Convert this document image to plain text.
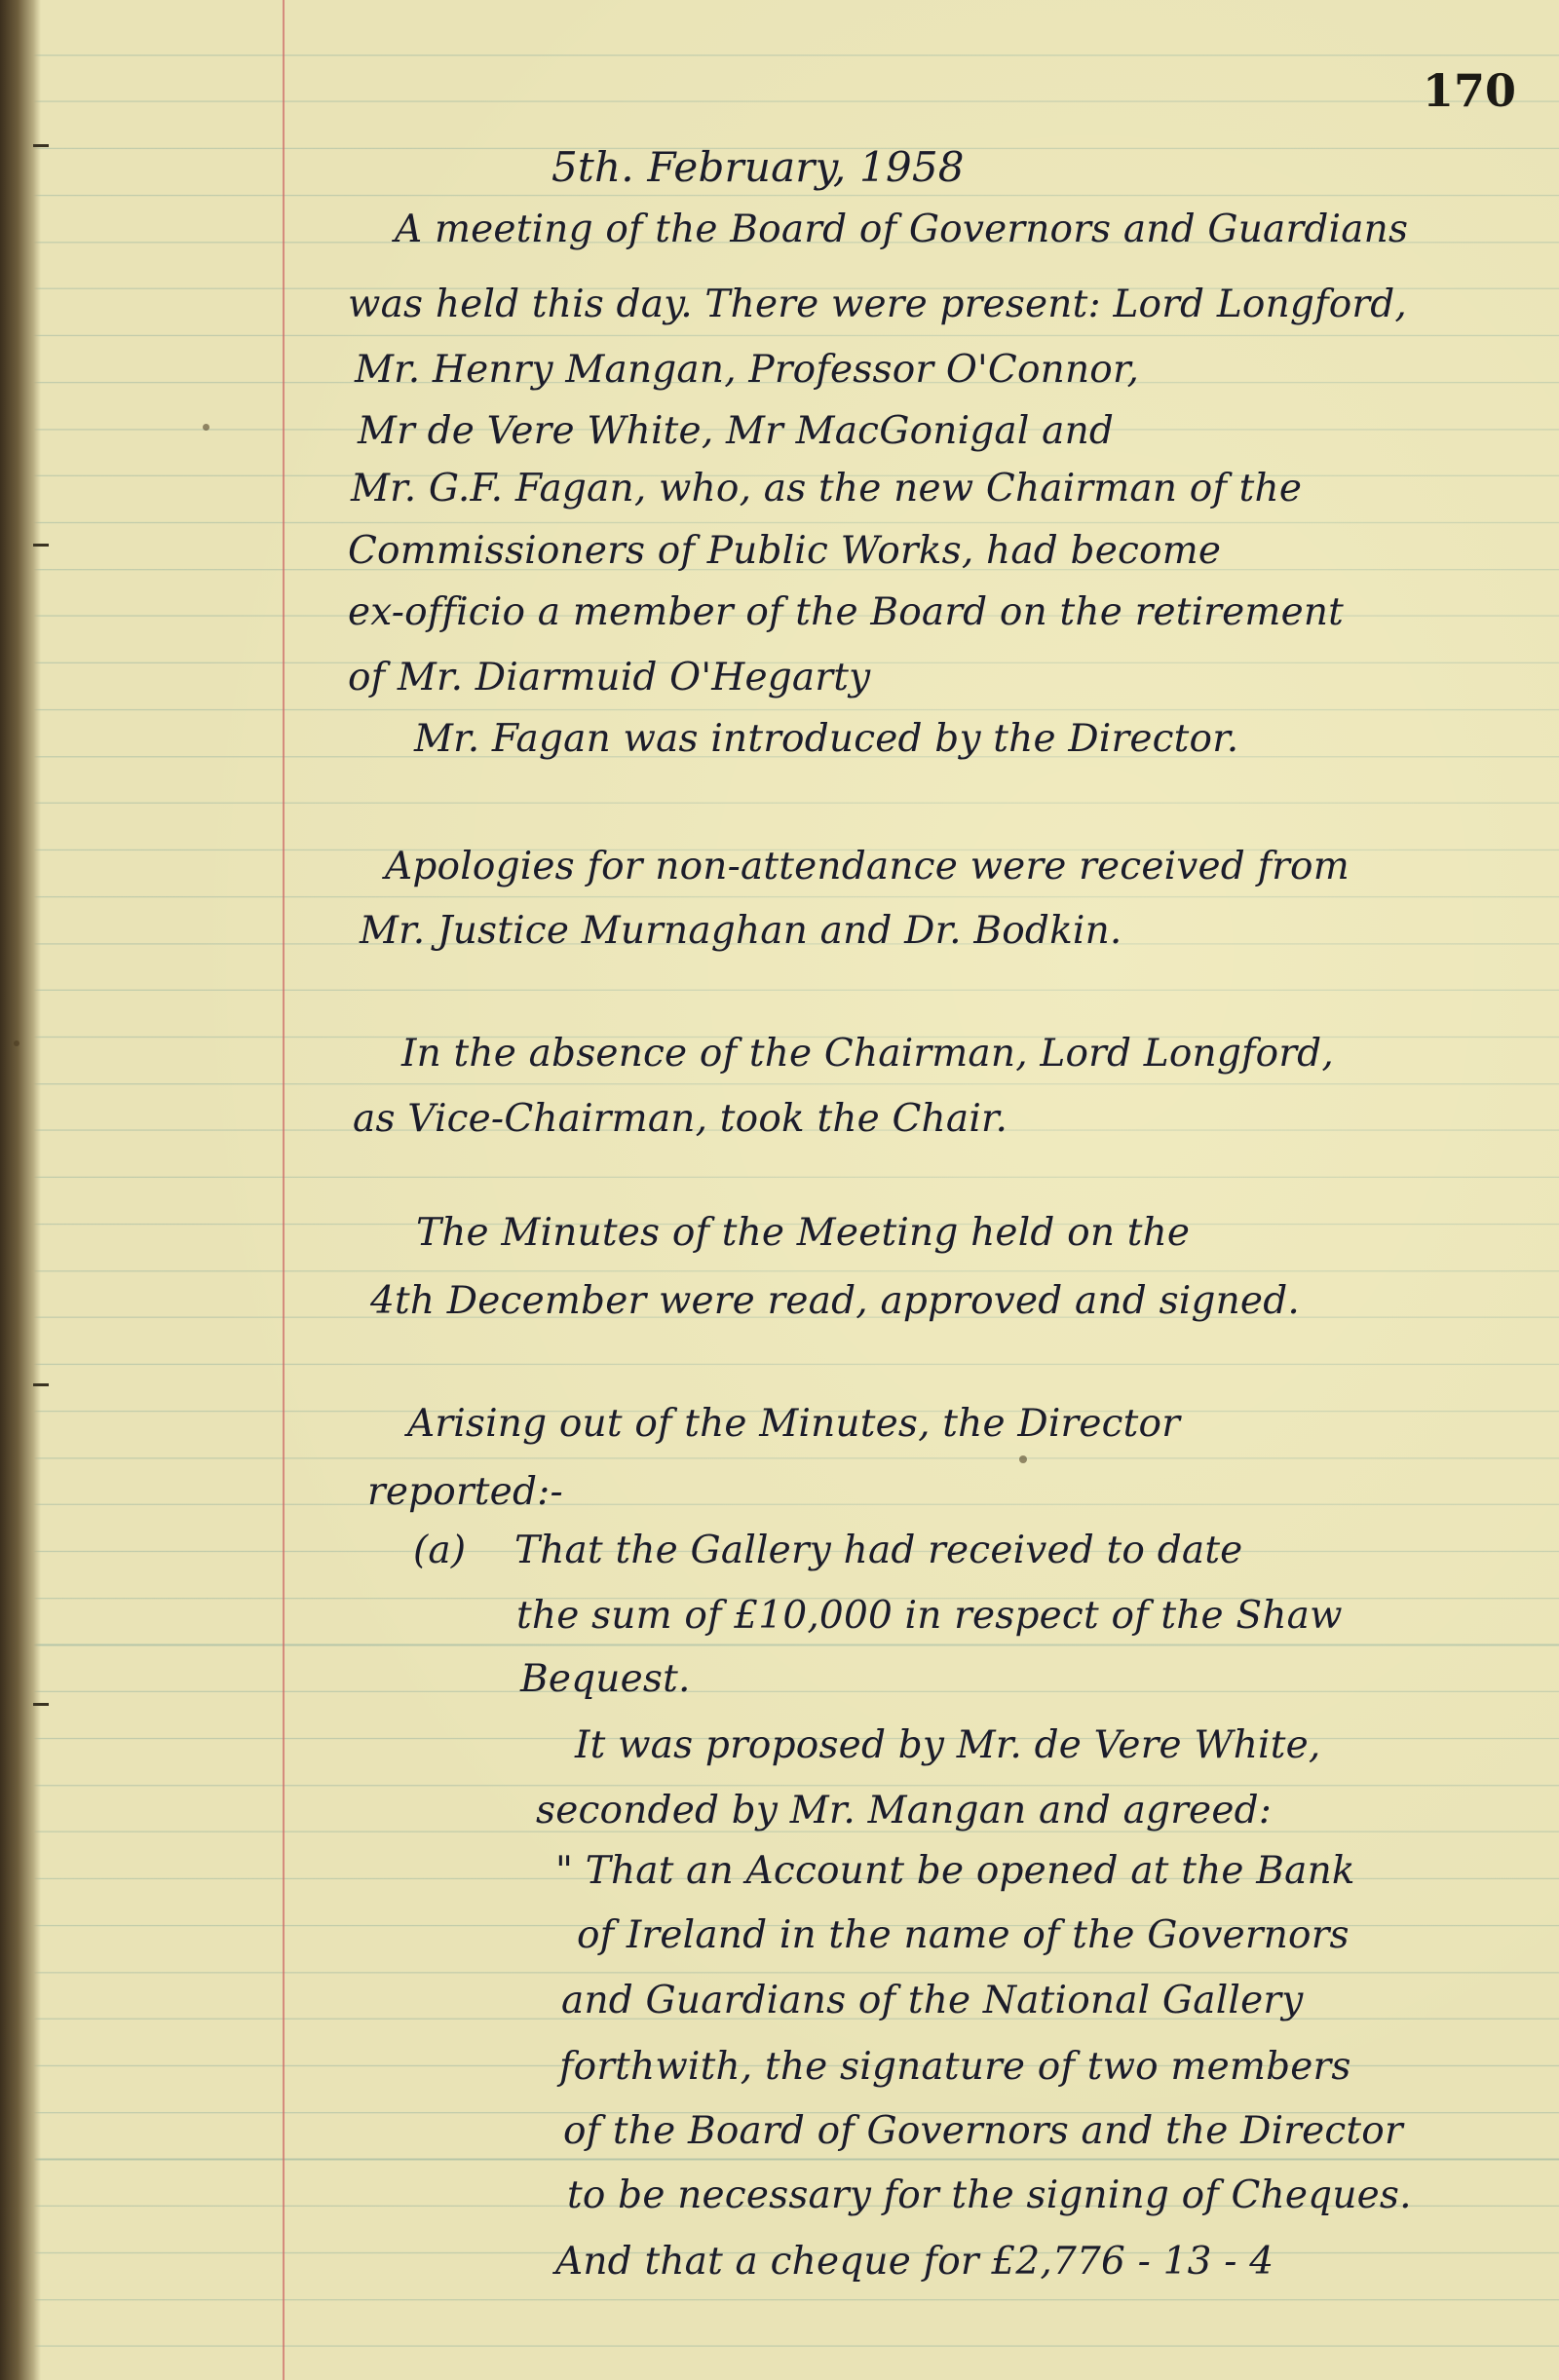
170
5th. February, 1958
A meeting of the Board of Governors and Guardians
was held this day. There were present: Lord Longford,
Mr. Henry Mangan, Professor O'Connor,
Mr de Vere White, Mr MacGonigal and
Mr. G.F. Fagan, who, as the new Chairman of the
Commissioners of Public Works, had become
ex-officio a member of the Board on the retirement
of Mr. Diarmuid O'Hegarty
Mr. Fagan was introduced by the Director.
Apologies for non-attendance were received from
Mr. Justice Murnaghan and Dr. Bodkin.
In the absence of the Chairman, Lord Longford,
as Vice-Chairman, took the Chair.
The Minutes of the Meeting held on the
4th December were read, approved and signed.
Arising out of the Minutes, the Director
reported:-
(a) That the Gallery had received to date
the sum of £10,000 in respect of the Shaw
Bequest.
It was proposed by Mr. de Vere White,
seconded by Mr. Mangan and agreed:
" That an Account be opened at the Bank
of Ireland in the name of the Governors
and Guardians of the National Gallery
forthwith, the signature of two members
of the Board of Governors and the Director
to be necessary for the signing of Cheques.
And that a cheque for £2,776 - 13 - 4
